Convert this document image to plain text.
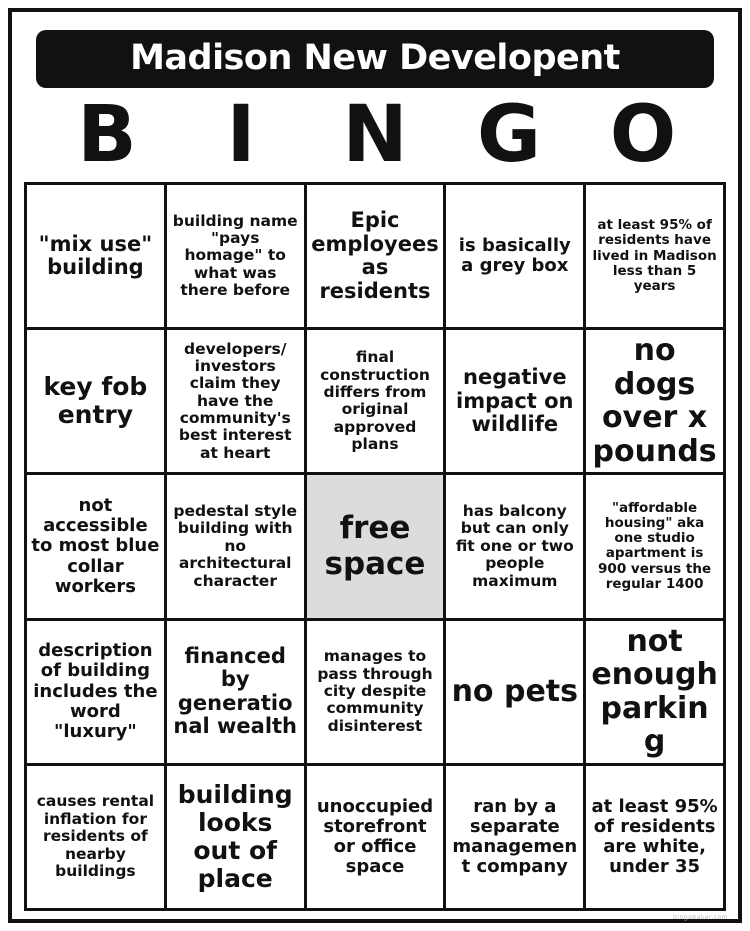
Madison New Developent
B	I	N G O
"mix use" building
building name "pays homage" to what was there before
Epic employees as residents
is basically a grey box
at least 95% of residents have lived in Madison less than 5 years
key fob entry
developers/ investors claim they have the community's best interest at heart
final construction differs from original approved plans
negative impact on wildlife
no dogs over x pounds
not accessible to most blue collar workers
pedestal style building with no architectural character
free space
has balcony but can only fit one or two people maximum
"affordable housing" aka one studio apartment is 900 versus the regular 1400
description of building includes the word "luxury"
financed by generational wealth
manages to pass through city despite community disinterest
no pets
not enough parking
causes rental inflation for residents of nearby buildings
building looks out of place
unoccupied storefront or office space
ran by a separate management company
at least 95% of residents are white, under 35
bingobaker.com
